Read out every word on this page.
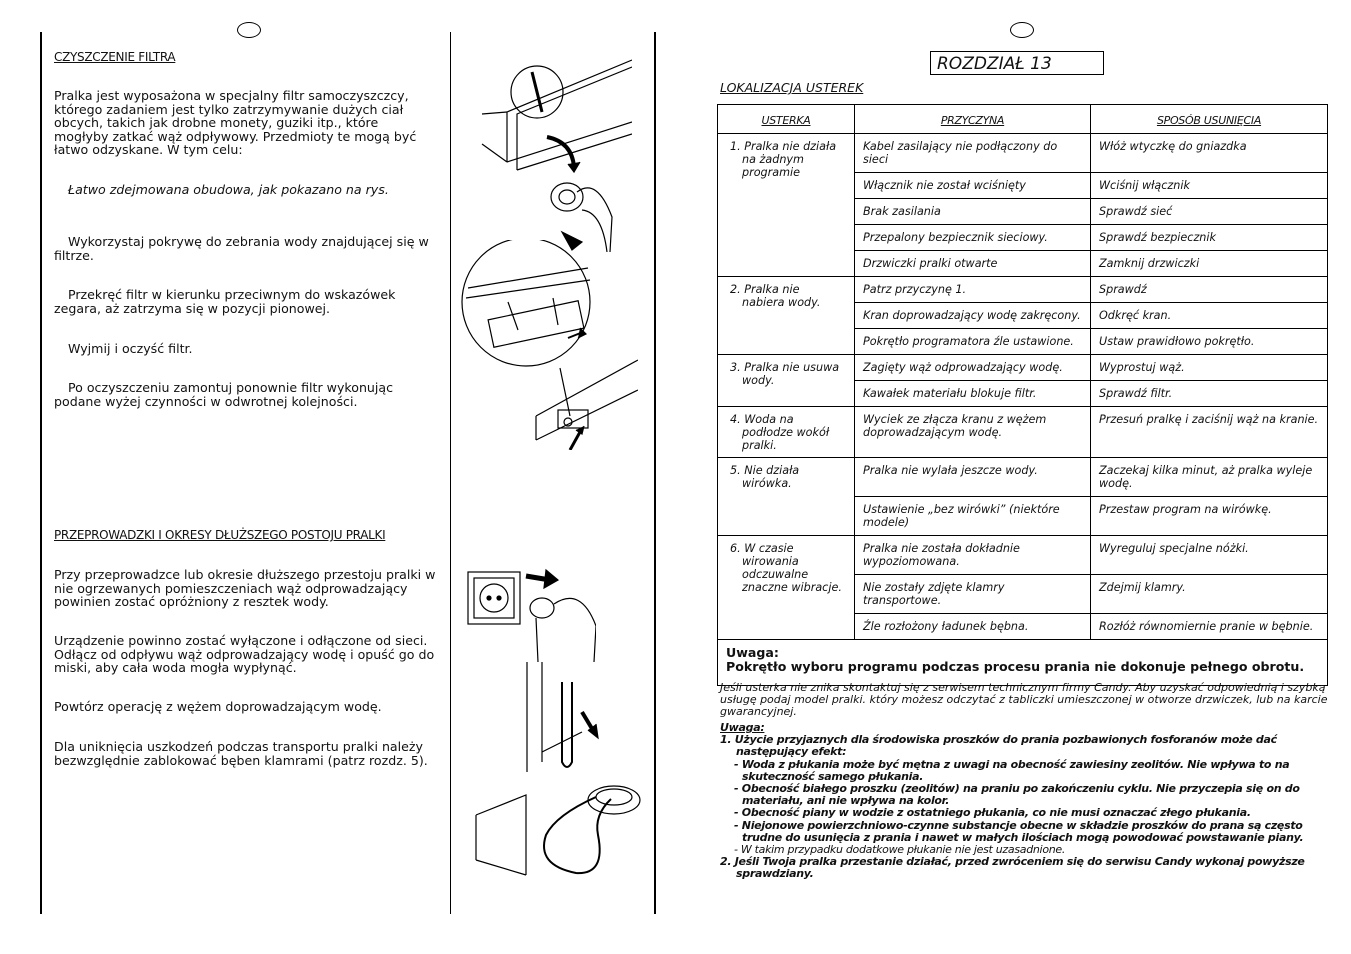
CZYSZCZENIE FILTRA
Pralka jest wyposażona w specjalny filtr samoczyszczcy, którego zadaniem jest tylko zatrzymywanie dużych ciał obcych, takich jak drobne monety, guziki itp., które mogłyby zatkać wąż odpływowy. Przedmioty te mogą być łatwo odzyskane. W tym celu:
Łatwo zdejmowana obudowa, jak pokazano na rys.
Wykorzystaj pokrywę do zebrania wody znajdującej się w filtrze.
Przekręć filtr w kierunku przeciwnym do wskazówek zegara, aż zatrzyma się w pozycji pionowej.
Wyjmij i oczyść filtr.
Po oczyszczeniu zamontuj ponownie filtr wykonując podane wyżej czynności w odwrotnej kolejności.
PRZEPROWADZKI I OKRESY DŁUŻSZEGO POSTOJU PRALKI
Przy przeprowadzce lub okresie dłuższego przestoju pralki w nie ogrzewanych pomieszczeniach wąż odprowadzający powinien zostać opróżniony z resztek wody.
Urządzenie powinno zostać wyłączone i odłączone od sieci. Odłącz od odpływu wąż odprowadzający wodę i opuść go do miski, aby cała woda mogła wypłynąć.
Powtórz operację z wężem doprowadzającym wodę.
Dla uniknięcia uszkodzeń podczas transportu pralki należy bezwzględnie zablokować bęben klamrami (patrz rozdz. 5).
ROZDZIAŁ 13
LOKALIZACJA USTEREK
USTERKA	PRZYCZYNA	SPOSÓB USUNIĘCIA
1. Pralka nie działa na żadnym programie	Kabel zasilający nie podłączony do sieci	Włóż wtyczkę do gniazdka
	Włącznik nie został wciśnięty	Wciśnij włącznik
	Brak zasilania	Sprawdź sieć
	Przepalony bezpiecznik sieciowy.	Sprawdź bezpiecznik
	Drzwiczki pralki otwarte	Zamknij drzwiczki
2. Pralka nie nabiera wody.	Patrz przyczynę 1.	Sprawdź
	Kran doprowadzający wodę zakręcony.	Odkręć kran.
	Pokrętło programatora źle ustawione.	Ustaw prawidłowo pokrętło.
3. Pralka nie usuwa wody.	Zagięty wąż odprowadzający wodę.	Wyprostuj wąż.
	Kawałek materiału blokuje filtr.	Sprawdź filtr.
4. Woda na podłodze wokół pralki.	Wyciek ze złącza kranu z wężem doprowadzającym wodę.	Przesuń pralkę i zaciśnij wąż na kranie.
5. Nie działa wirówka.	Pralka nie wylała jeszcze wody.	Zaczekaj kilka minut, aż pralka wyleje wodę.
	Ustawienie „bez wirówki” (niektóre modele)	Przestaw program na wirówkę.
6. W czasie wirowania odczuwalne znaczne wibracje.	Pralka nie została dokładnie wypoziomowana.	Wyreguluj specjalne nóżki.
	Nie zostały zdjęte klamry transportowe.	Zdejmij klamry.
	Źle rozłożony ładunek bębna.	Rozłóż równomiernie pranie w bębnie.

Uwaga:
Pokrętło wyboru programu podczas procesu prania nie dokonuje pełnego obrotu.		
Jeśli usterka nie znika skontaktuj się z serwisem technicznym firmy Candy. Aby uzyskać odpowiednią i szybką usługę podaj model pralki. który możesz odczytać z tabliczki umieszczonej w otworze drzwiczek, lub na karcie gwarancyjnej.
Uwaga:
1. Użycie przyjaznych dla środowiska proszków do prania pozbawionych fosforanów może dać następujący efekt:
- Woda z płukania może być mętna z uwagi na obecność zawiesiny zeolitów. Nie wpływa to na skuteczność samego płukania.
- Obecność białego proszku (zeolitów) na praniu po zakończeniu cyklu. Nie przyczepia się on do materiału, ani nie wpływa na kolor.
- Obecność piany w wodzie z ostatniego płukania, co nie musi oznaczać złego płukania.
- Niejonowe powierzchniowo-czynne substancje obecne w składzie proszków do prana są często trudne do usunięcia z prania i nawet w małych ilościach mogą powodować powstawanie piany.
- W takim przypadku dodatkowe płukanie nie jest uzasadnione.
2. Jeśli Twoja pralka przestanie działać, przed zwróceniem się do serwisu Candy wykonaj powyższe sprawdziany.
